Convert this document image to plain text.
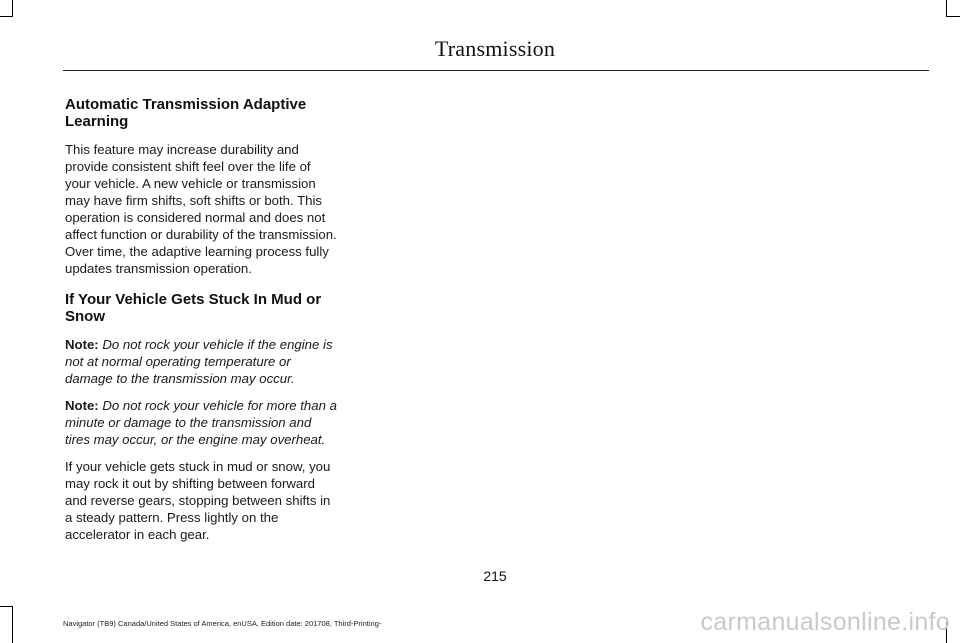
Transmission
Automatic Transmission Adaptive Learning
This feature may increase durability and provide consistent shift feel over the life of your vehicle. A new vehicle or transmission may have firm shifts, soft shifts or both. This operation is considered normal and does not affect function or durability of the transmission. Over time, the adaptive learning process fully updates transmission operation.
If Your Vehicle Gets Stuck In Mud or Snow
Note: Do not rock your vehicle if the engine is not at normal operating temperature or damage to the transmission may occur.
Note: Do not rock your vehicle for more than a minute or damage to the transmission and tires may occur, or the engine may overheat.
If your vehicle gets stuck in mud or snow, you may rock it out by shifting between forward and reverse gears, stopping between shifts in a steady pattern. Press lightly on the accelerator in each gear.
215
Navigator (TB9) Canada/United States of America, enUSA, Edition date: 201708, Third-Printing-	carmanualsonline.info
